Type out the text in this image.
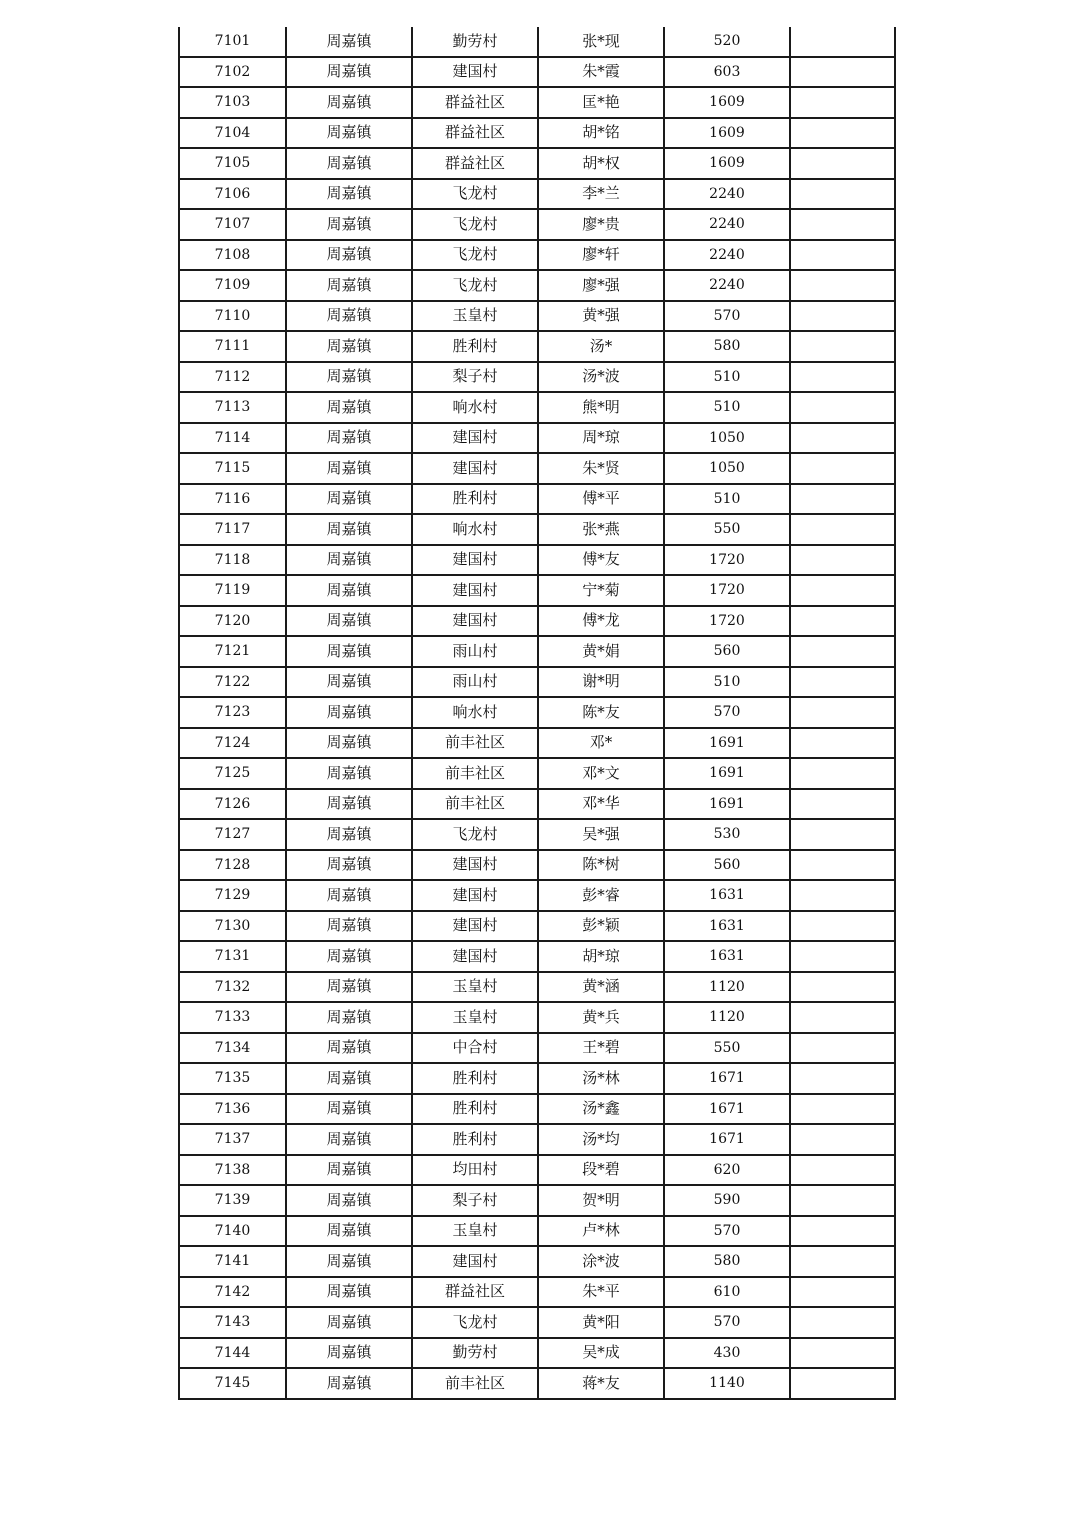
7101	周嘉镇	勤劳村	张*现	520	
7102	周嘉镇	建国村	朱*霞	603	
7103	周嘉镇	群益社区	匡*艳	1609	
7104	周嘉镇	群益社区	胡*铭	1609	
7105	周嘉镇	群益社区	胡*权	1609	
7106	周嘉镇	飞龙村	李*兰	2240	
7107	周嘉镇	飞龙村	廖*贵	2240	
7108	周嘉镇	飞龙村	廖*轩	2240	
7109	周嘉镇	飞龙村	廖*强	2240	
7110	周嘉镇	玉皇村	黄*强	570	
7111	周嘉镇	胜利村	汤*	580	
7112	周嘉镇	梨子村	汤*波	510	
7113	周嘉镇	响水村	熊*明	510	
7114	周嘉镇	建国村	周*琼	1050	
7115	周嘉镇	建国村	朱*贤	1050	
7116	周嘉镇	胜利村	傅*平	510	
7117	周嘉镇	响水村	张*燕	550	
7118	周嘉镇	建国村	傅*友	1720	
7119	周嘉镇	建国村	宁*菊	1720	
7120	周嘉镇	建国村	傅*龙	1720	
7121	周嘉镇	雨山村	黄*娟	560	
7122	周嘉镇	雨山村	谢*明	510	
7123	周嘉镇	响水村	陈*友	570	
7124	周嘉镇	前丰社区	邓*	1691	
7125	周嘉镇	前丰社区	邓*文	1691	
7126	周嘉镇	前丰社区	邓*华	1691	
7127	周嘉镇	飞龙村	吴*强	530	
7128	周嘉镇	建国村	陈*树	560	
7129	周嘉镇	建国村	彭*睿	1631	
7130	周嘉镇	建国村	彭*颖	1631	
7131	周嘉镇	建国村	胡*琼	1631	
7132	周嘉镇	玉皇村	黄*涵	1120	
7133	周嘉镇	玉皇村	黄*兵	1120	
7134	周嘉镇	中合村	王*碧	550	
7135	周嘉镇	胜利村	汤*林	1671	
7136	周嘉镇	胜利村	汤*鑫	1671	
7137	周嘉镇	胜利村	汤*均	1671	
7138	周嘉镇	均田村	段*碧	620	
7139	周嘉镇	梨子村	贺*明	590	
7140	周嘉镇	玉皇村	卢*林	570	
7141	周嘉镇	建国村	涂*波	580	
7142	周嘉镇	群益社区	朱*平	610	
7143	周嘉镇	飞龙村	黄*阳	570	
7144	周嘉镇	勤劳村	吴*成	430	
7145	周嘉镇	前丰社区	蒋*友	1140	
